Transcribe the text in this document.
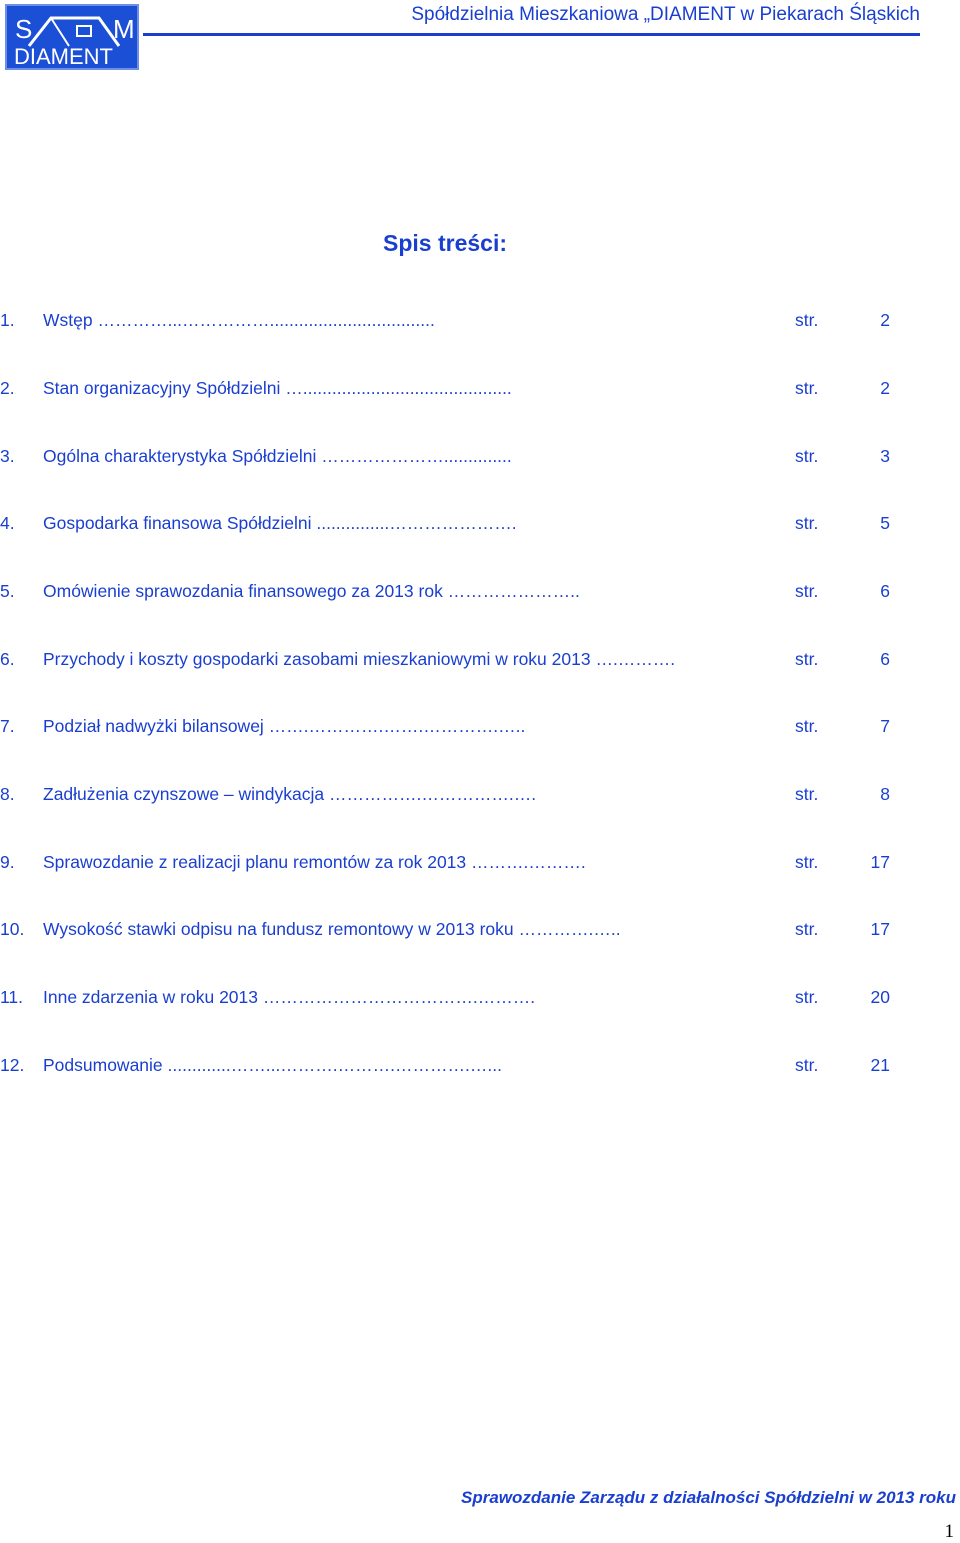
S	M
DIAMENT
Spółdzielnia Mieszkaniowa „DIAMENT w Piekarach Śląskich
Spis treści:
1. Wstęp …………...……………..................................	str.	2
2. Stan organizacyjny Spółdzielni …...........................................	str.	2
3. Ogólna charakterystyka Spółdzielni …………………..............	str.	3
4. Gospodarka finansowa Spółdzielni ...............………………….	str.	5
5. Omówienie sprawozdania finansowego za 2013 rok …………………..	str.	6
6. Przychody i koszty gospodarki zasobami mieszkaniowymi w roku 2013 ….……….	str.	6
7. Podział nadwyżki bilansowej …….………….…….………….…..	str.	7
8. Zadłużenia czynszowe – windykacja …………….…………….….	str.	8
9. Sprawozdanie z realizacji planu remontów za rok 2013 ……….……….	str.	17
10. Wysokość stawki odpisu na fundusz remontowy w 2013 roku ………….…..	str.	17
11. Inne zdarzenia w roku 2013 ……………………………….……….	str.	20
12. Podsumowanie .............……...……….……….………….…...	str.	21
Sprawozdanie Zarządu z działalności Spółdzielni w 2013 roku
1
